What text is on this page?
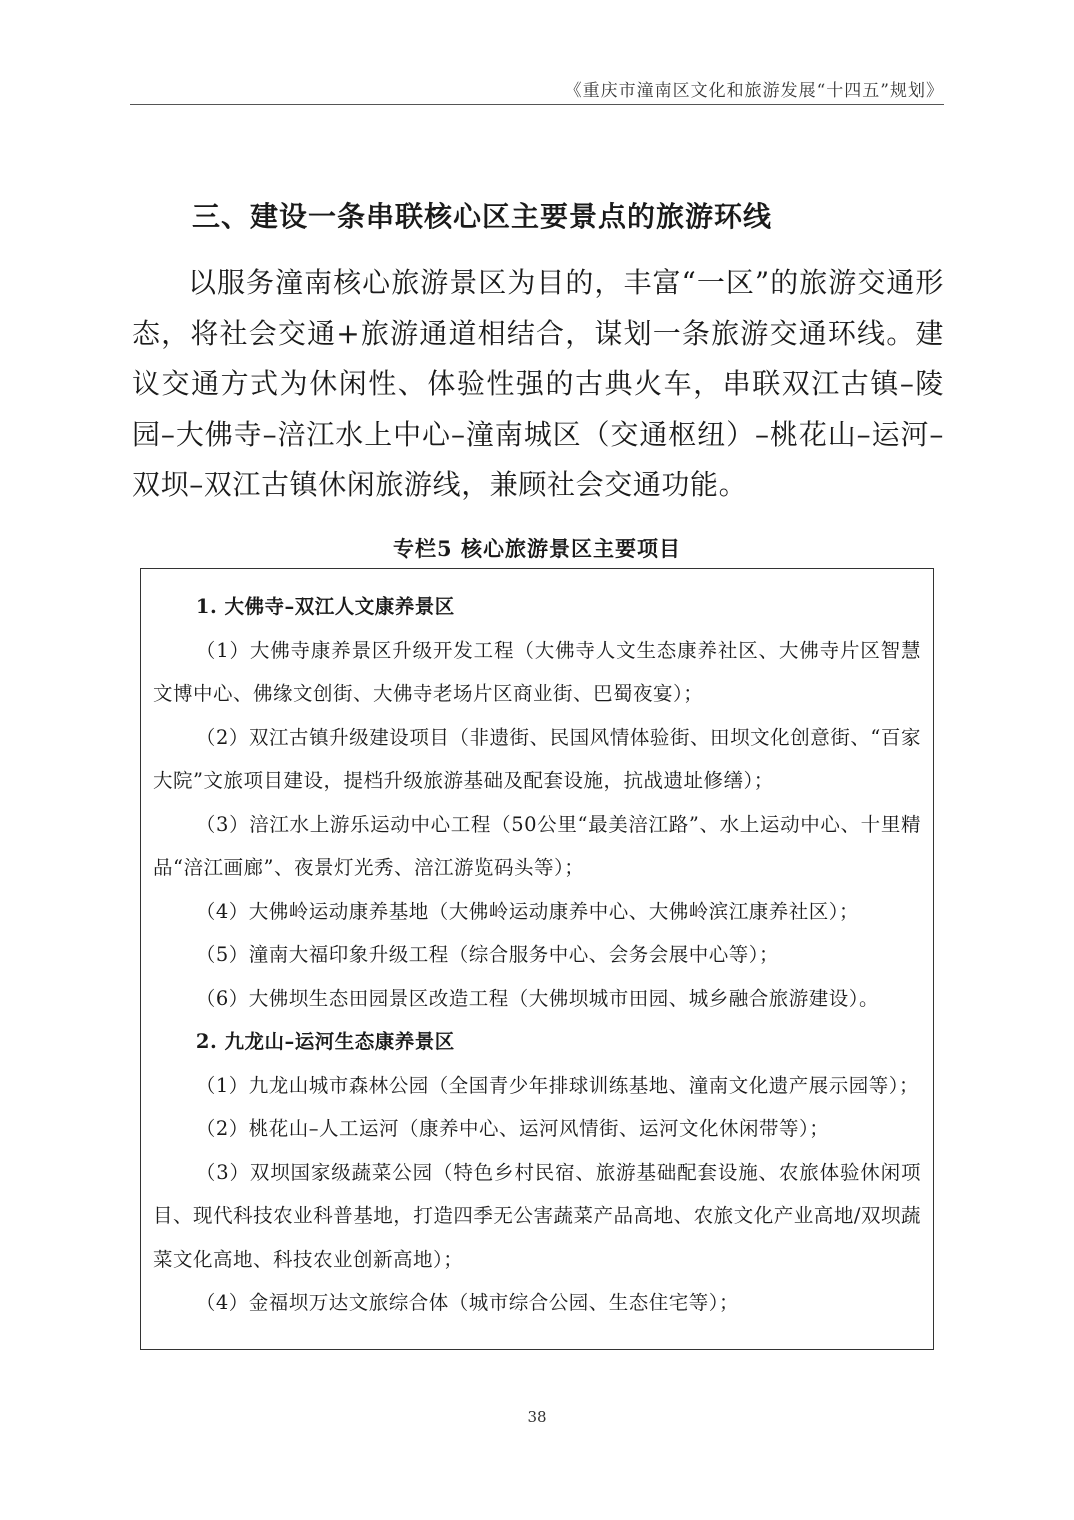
《重庆市潼南区文化和旅游发展“十四五”规划》
三、建设一条串联核心区主要景点的旅游环线

以服务潼南核心旅游景区为目的，丰富“一区”的旅游交通形态，将社会交通+旅游通道相结合，谋划一条旅游交通环线。建议交通方式为休闲性、体验性强的古典火车，串联双江古镇–陵园–大佛寺–涪江水上中心–潼南城区（交通枢纽）–桃花山–运河–双坝–双江古镇休闲旅游线，兼顾社会交通功能。

专栏5 核心旅游景区主要项目
1. 大佛寺–双江人文康养景区
（1）大佛寺康养景区升级开发工程（大佛寺人文生态康养社区、大佛寺片区智慧文博中心、佛缘文创街、大佛寺老场片区商业街、巴蜀夜宴）；
（2）双江古镇升级建设项目（非遗街、民国风情体验街、田坝文化创意街、“百家大院”文旅项目建设，提档升级旅游基础及配套设施，抗战遗址修缮）；
（3）涪江水上游乐运动中心工程（50公里“最美涪江路”、水上运动中心、十里精品“涪江画廊”、夜景灯光秀、涪江游览码头等）；
（4）大佛岭运动康养基地（大佛岭运动康养中心、大佛岭滨江康养社区）；
（5）潼南大福印象升级工程（综合服务中心、会务会展中心等）；
（6）大佛坝生态田园景区改造工程（大佛坝城市田园、城乡融合旅游建设）。
2. 九龙山–运河生态康养景区
（1）九龙山城市森林公园（全国青少年排球训练基地、潼南文化遗产展示园等）；
（2）桃花山–人工运河（康养中心、运河风情街、运河文化休闲带等）；
（3）双坝国家级蔬菜公园（特色乡村民宿、旅游基础配套设施、农旅体验休闲项目、现代科技农业科普基地，打造四季无公害蔬菜产品高地、农旅文化产业高地/双坝蔬菜文化高地、科技农业创新高地）；
（4）金福坝万达文旅综合体（城市综合公园、生态住宅等）；
38
